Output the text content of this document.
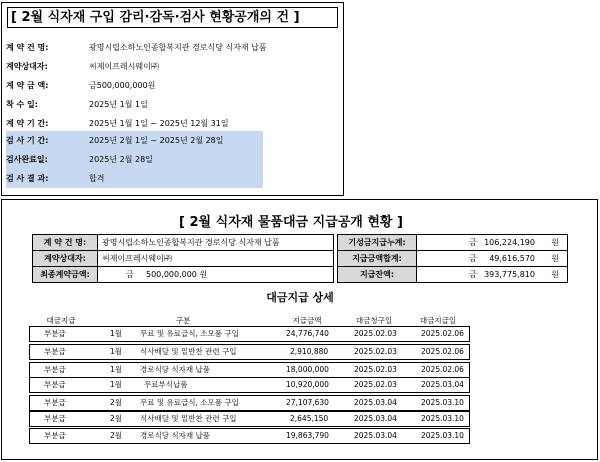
[ 2월 식자재 구입 감리·감독·검사 현황공개의 건 ]
계 약 건 명:	광명시립소하노인종합복지관 경로식당 식자재 납품
계약상대자:	씨제이프레시웨이㈜
계 약 금 액:	금500,000,000원
착 수 일:	2025년 1월 1일
계 약 기 간:	2025년 1월 1일 ~ 2025년 12월 31일
검 사 기 간:	2025년 2월 1일 ~ 2025년 2월 28일
검사완료일:	2025년 2월 28일
검 사 결 과:	합격
[ 2월 식자재 물품대금 지급공개 현황 ]
계 약 건 명:	광명시립소하노인종합복지관 경로식당 식자재 납품
계약상대자:	씨제이프레시웨이㈜
최종계약금액:	금 500,000,000 원
기성금지급누계:	금 106,224,190 원
지급금액합계:	금 49,616,570 원
지급잔액:	금 393,775,810 원
대금지급 상세
대금지급	구분	지급금액	대금청구일	대금지급일
부분급	1월 무료 및 유료급식, 소모품 구입	24,776,740	2025.02.03	2025.02.06
부분급	1월 식사배달 및 밑반찬 관련 구입	2,910,880	2025.02.03	2025.02.06
부분급	1월 경로식당 식자재 납품	18,000,000	2025.02.03	2025.02.06
부분급	1월	무료부식납품	10,920,000	2025.02.03	2025.03.04
부분급	2월 무료 및 유료급식, 소모품 구입	27,107,630	2025.03.04	2025.03.10
부분급	2월 식사배달 및 밑반찬 관련 구입	2,645,150	2025.03.04	2025.03.10
부분급	2월 경로식당 식자재 납품	19,863,790	2025.03.04	2025.03.10
